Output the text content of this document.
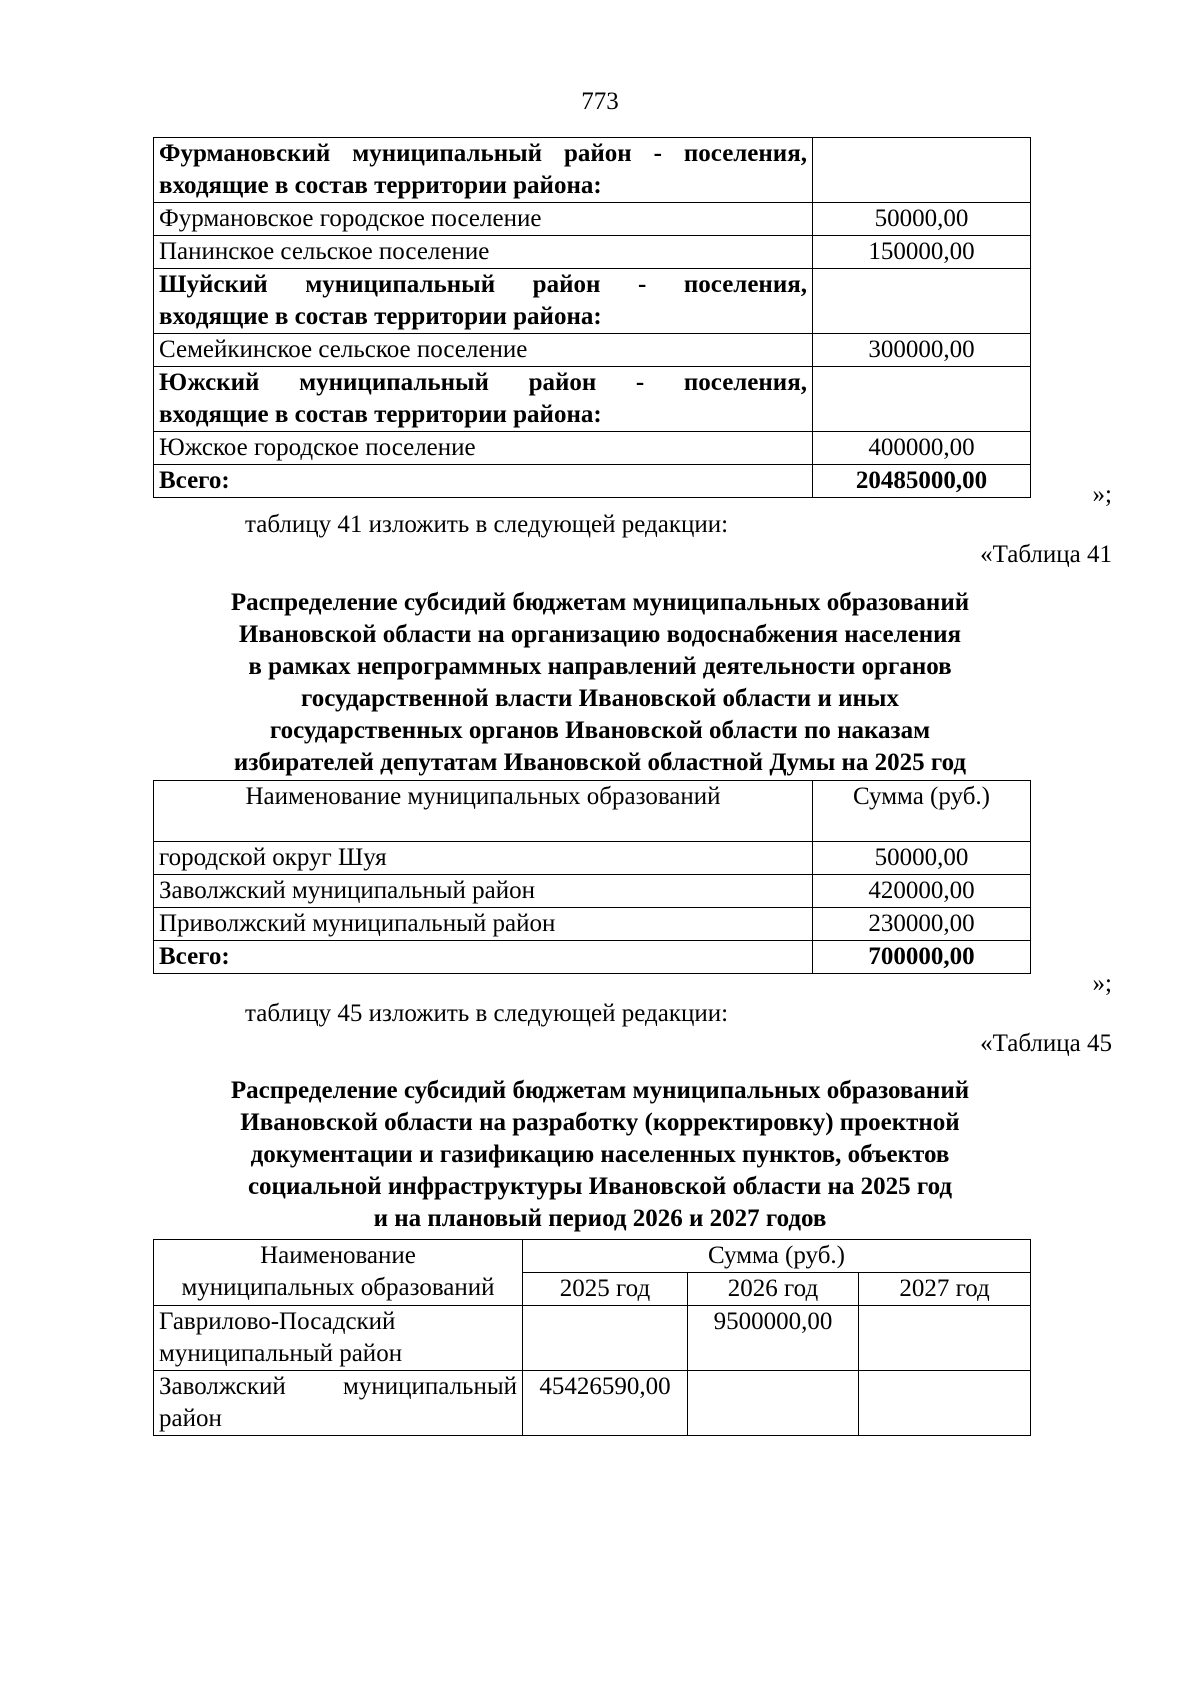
773
Фурмановский муниципальный район - поселения,
входящие в состав территории района:	

Фурмановское городское поселение	50000,00
Панинское сельское поселение	150000,00

Шуйский муниципальный район - поселения,
входящие в состав территории района:	

Семейкинское сельское поселение	300000,00

Южский муниципальный район - поселения,
входящие в состав территории района:	

Южское городское поселение	400000,00
Всего:	20485000,00
»;
таблицу 41 изложить в следующей редакции:
«Таблица 41
Распределение субсидий бюджетам муниципальных образований
Ивановской области на организацию водоснабжения населения
в рамках непрограммных направлений деятельности органов
государственной власти Ивановской области и иных
государственных органов Ивановской области по наказам
избирателей депутатам Ивановской областной Думы на 2025 год
Наименование муниципальных образований	Сумма (руб.)
городской округ Шуя	50000,00
Заволжский муниципальный район	420000,00
Приволжский муниципальный район	230000,00
Всего:	700000,00
»;
таблицу 45 изложить в следующей редакции:
«Таблица 45
Распределение субсидий бюджетам муниципальных образований
Ивановской области на разработку (корректировку) проектной
документации и газификацию населенных пунктов, объектов
социальной инфраструктуры Ивановской области на 2025 год
и на плановый период 2026 и 2027 годов
Наименование
муниципальных образований	Сумма (руб.)		
	2025 год	2026 год	2027 год

Гаврилово-Посадский
муниципальный район		9500000,00	

Заволжский муниципальный
район	45426590,00		
